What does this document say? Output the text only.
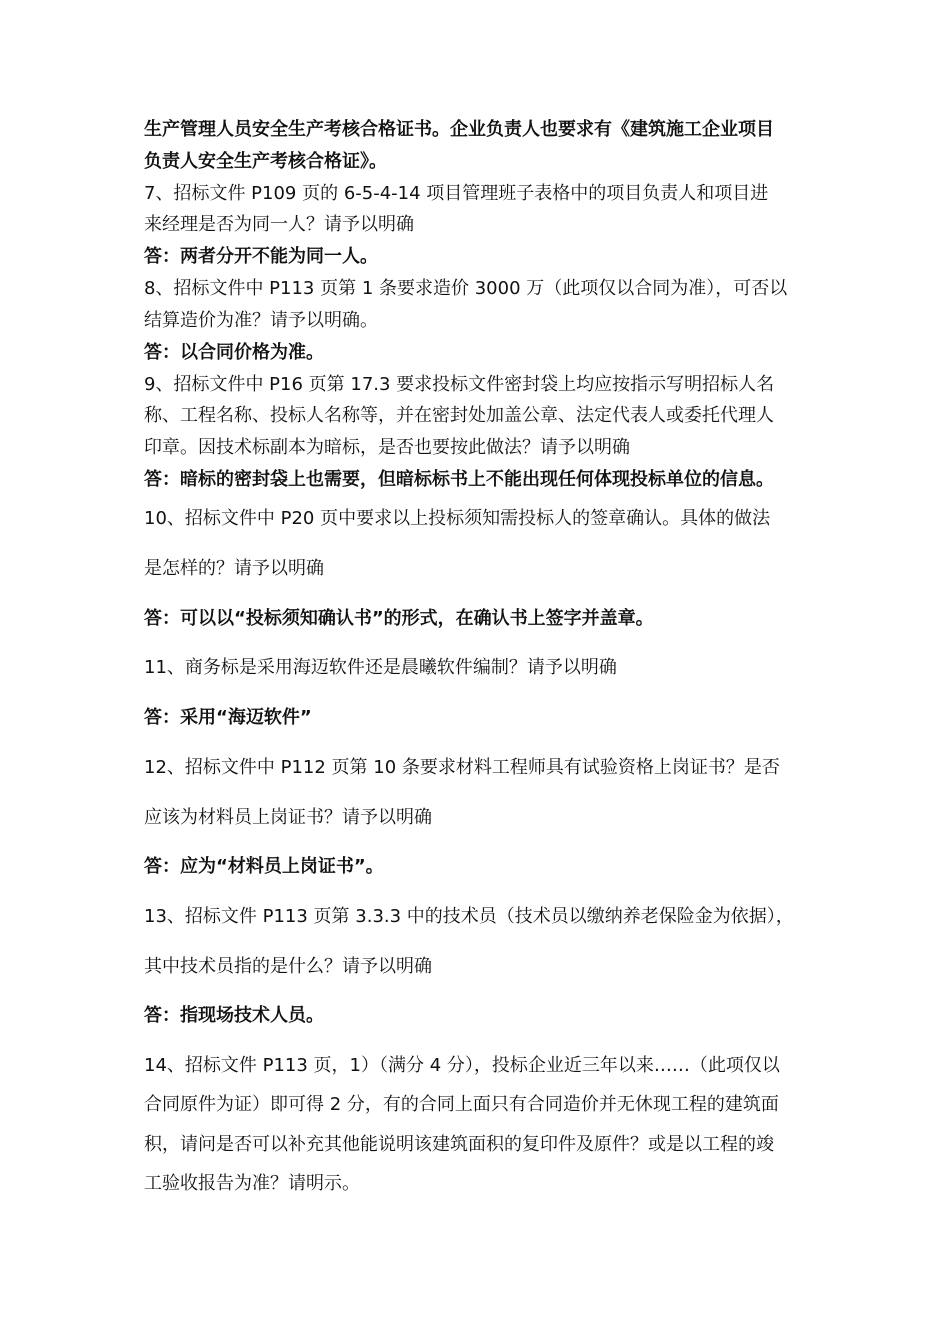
生产管理人员安全生产考核合格证书。企业负责人也要求有《建筑施工企业项目
负责人安全生产考核合格证》。
7、招标文件 P109 页的 6-5-4-14 项目管理班子表格中的项目负责人和项目进
来经理是否为同一人？请予以明确
答：两者分开不能为同一人。
8、招标文件中 P113 页第 1 条要求造价 3000 万（此项仅以合同为准），可否以
结算造价为准？请予以明确。
答：以合同价格为准。
9、招标文件中 P16 页第 17.3 要求投标文件密封袋上均应按指示写明招标人名
称、工程名称、投标人名称等，并在密封处加盖公章、法定代表人或委托代理人
印章。因技术标副本为暗标，是否也要按此做法？请予以明确
答：暗标的密封袋上也需要，但暗标标书上不能出现任何体现投标单位的信息。
10、招标文件中 P20 页中要求以上投标须知需投标人的签章确认。具体的做法
是怎样的？请予以明确
答：可以以“投标须知确认书”的形式，在确认书上签字并盖章。
11、商务标是采用海迈软件还是晨曦软件编制？请予以明确
答：采用“海迈软件”
12、招标文件中 P112 页第 10 条要求材料工程师具有试验资格上岗证书？是否
应该为材料员上岗证书？请予以明确
答：应为“材料员上岗证书”。
13、招标文件 P113 页第 3.3.3 中的技术员（技术员以缴纳养老保险金为依据），
其中技术员指的是什么？请予以明确
答：指现场技术人员。
14、招标文件 P113 页，1）（满分 4 分），投标企业近三年以来……（此项仅以
合同原件为证）即可得 2 分，有的合同上面只有合同造价并无休现工程的建筑面
积，请问是否可以补充其他能说明该建筑面积的复印件及原件？或是以工程的竣
工验收报告为准？请明示。
